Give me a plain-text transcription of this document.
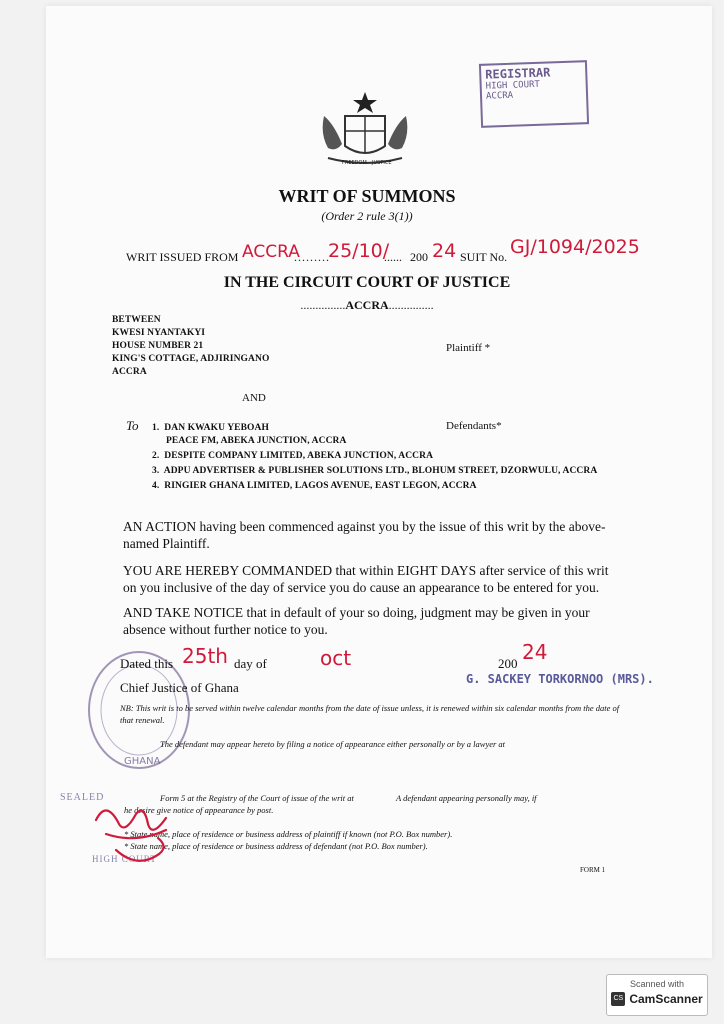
REGISTRAR
HIGH COURT
ACCRA
FREEDOM JUSTICE
WRIT OF SUMMONS
(Order 2 rule 3(1))
WRIT ISSUED FROM ACCRA
.........
25/10/
...... 200 24 SUIT No. GJ/1094/2025
IN THE CIRCUIT COURT OF JUSTICE
...............ACCRA...............
BETWEEN
KWESI NYANTAKYI
HOUSE NUMBER 21
KING'S COTTAGE, ADJIRINGANO
ACCRA
Plaintiff *
AND
To	Defendants*
1. DAN KWAKU YEBOAH
PEACE FM, ABEKA JUNCTION, ACCRA
2. DESPITE COMPANY LIMITED, ABEKA JUNCTION, ACCRA
3. ADPU ADVERTISER & PUBLISHER SOLUTIONS LTD., BLOHUM STREET, DZORWULU, ACCRA
4. RINGIER GHANA LIMITED, LAGOS AVENUE, EAST LEGON, ACCRA
AN ACTION having been commenced against you by the issue of this writ by the above-named Plaintiff.
YOU ARE HEREBY COMMANDED that within EIGHT DAYS after service of this writ on you inclusive of the day of service you do cause an appearance to be entered for you.
AND TAKE NOTICE that in default of your so doing, judgment may be given in your absence without further notice to you.
GHANA
Dated this 25th day of	oct	200 24
Chief Justice of Ghana
G. SACKEY TORKORNOO (MRS).
NB: This writ is to be served within twelve calendar months from the date of issue unless, it is renewed within six calendar months from the date of that renewal.
The defendant may appear hereto by filing a notice of appearance either personally or by a lawyer at
SEALED	Form 5 at the Registry of the Court of issue of the writ at	A defendant appearing personally may, if
he desire give notice of appearance by post.
* State name, place of residence or business address of plaintiff if known (not P.O. Box number).
* State name, place of residence or business address of defendant (not P.O. Box number).
HIGH COURT
FORM 1
Scanned with
CS CamScanner
